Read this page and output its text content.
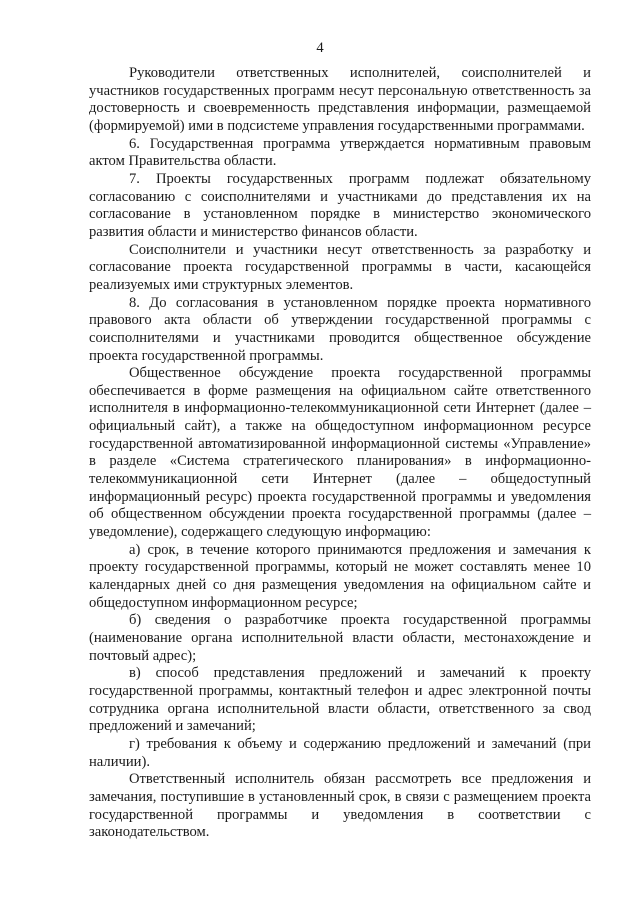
4

Руководители ответственных исполнителей, соисполнителей и участников государственных программ несут персональную ответственность за достоверность и своевременность представления информации, размещаемой (формируемой) ими в подсистеме управления государственными программами.

6. Государственная программа утверждается нормативным правовым актом Правительства области.

7. Проекты государственных программ подлежат обязательному согласованию с соисполнителями и участниками до представления их на согласование в установленном порядке в министерство экономического развития области и министерство финансов области.

Соисполнители и участники несут ответственность за разработку и согласование проекта государственной программы в части, касающейся реализуемых ими структурных элементов.

8. До согласования в установленном порядке проекта нормативного правового акта области об утверждении государственной программы с соисполнителями и участниками проводится общественное обсуждение проекта государственной программы.

Общественное обсуждение проекта государственной программы обеспечивается в форме размещения на официальном сайте ответственного исполнителя в информационно-телекоммуникационной сети Интернет (далее – официальный сайт), а также на общедоступном информационном ресурсе государственной автоматизированной информационной системы «Управление» в разделе «Система стратегического планирования» в информационно-телекоммуникационной сети Интернет (далее – общедоступный информационный ресурс) проекта государственной программы и уведомления об общественном обсуждении проекта государственной программы (далее – уведомление), содержащего следующую информацию:

а) срок, в течение которого принимаются предложения и замечания к проекту государственной программы, который не может составлять менее 10 календарных дней со дня размещения уведомления на официальном сайте и общедоступном информационном ресурсе;

б) сведения о разработчике проекта государственной программы (наименование органа исполнительной власти области, местонахождение и почтовый адрес);

в) способ представления предложений и замечаний к проекту государственной программы, контактный телефон и адрес электронной почты сотрудника органа исполнительной власти области, ответственного за свод предложений и замечаний;

г) требования к объему и содержанию предложений и замечаний (при наличии).

Ответственный исполнитель обязан рассмотреть все предложения и замечания, поступившие в установленный срок, в связи с размещением проекта государственной программы и уведомления в соответствии с законодательством.
